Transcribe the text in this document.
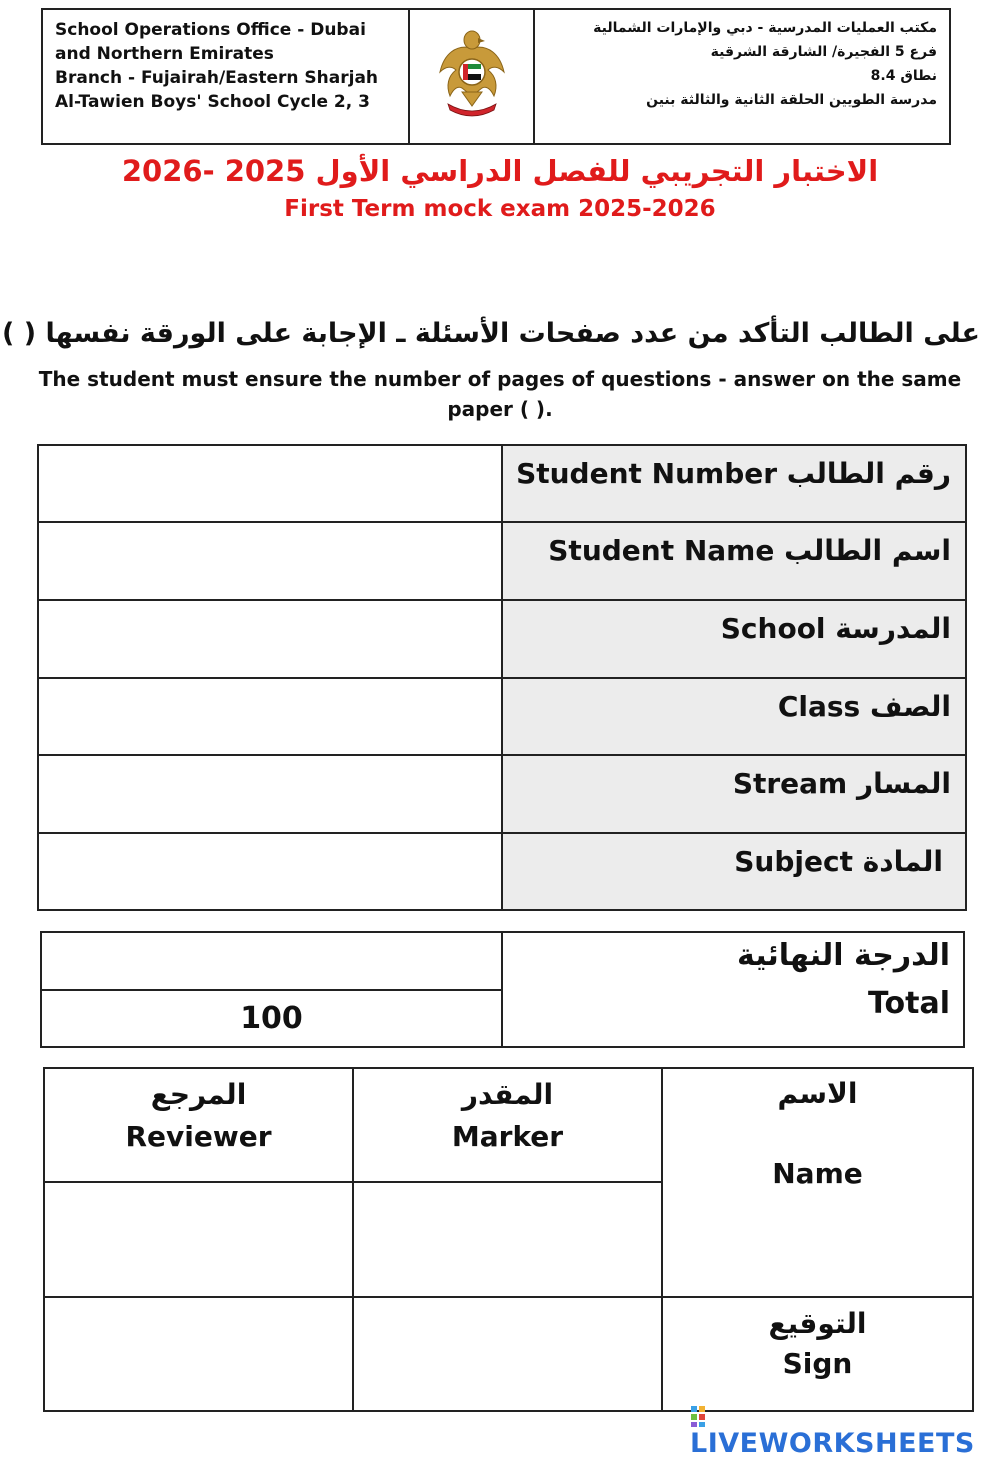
School Operations Office - Dubai
and Northern Emirates
Branch - Fujairah/Eastern Sharjah
Al-Tawien Boys' School Cycle 2, 3
مكتب العمليات المدرسية - دبي والإمارات الشمالية
فرع 5 الفجيرة/ الشارقة الشرقية
نطاق 8.4
مدرسة الطويين الحلقة الثانية والثالثة بنين
الاختبار التجريبي للفصل الدراسي الأول 2025 -2026
First Term mock exam 2025-2026
على الطالب التأكد من عدد صفحات الأسئلة ـ الإجابة على الورقة نفسها ( )
The student must ensure the number of pages of questions - answer on the same paper ( ).
Student Number رقم الطالب
Student Name اسم الطالب
School المدرسة
Class الصف
Stream المسار
Subject المادة
100
الدرجة النهائية
Total
المرجع
Reviewer
المقدر
Marker
الاسم
Name
التوقيع
Sign
LIVEWORKSHEETS
